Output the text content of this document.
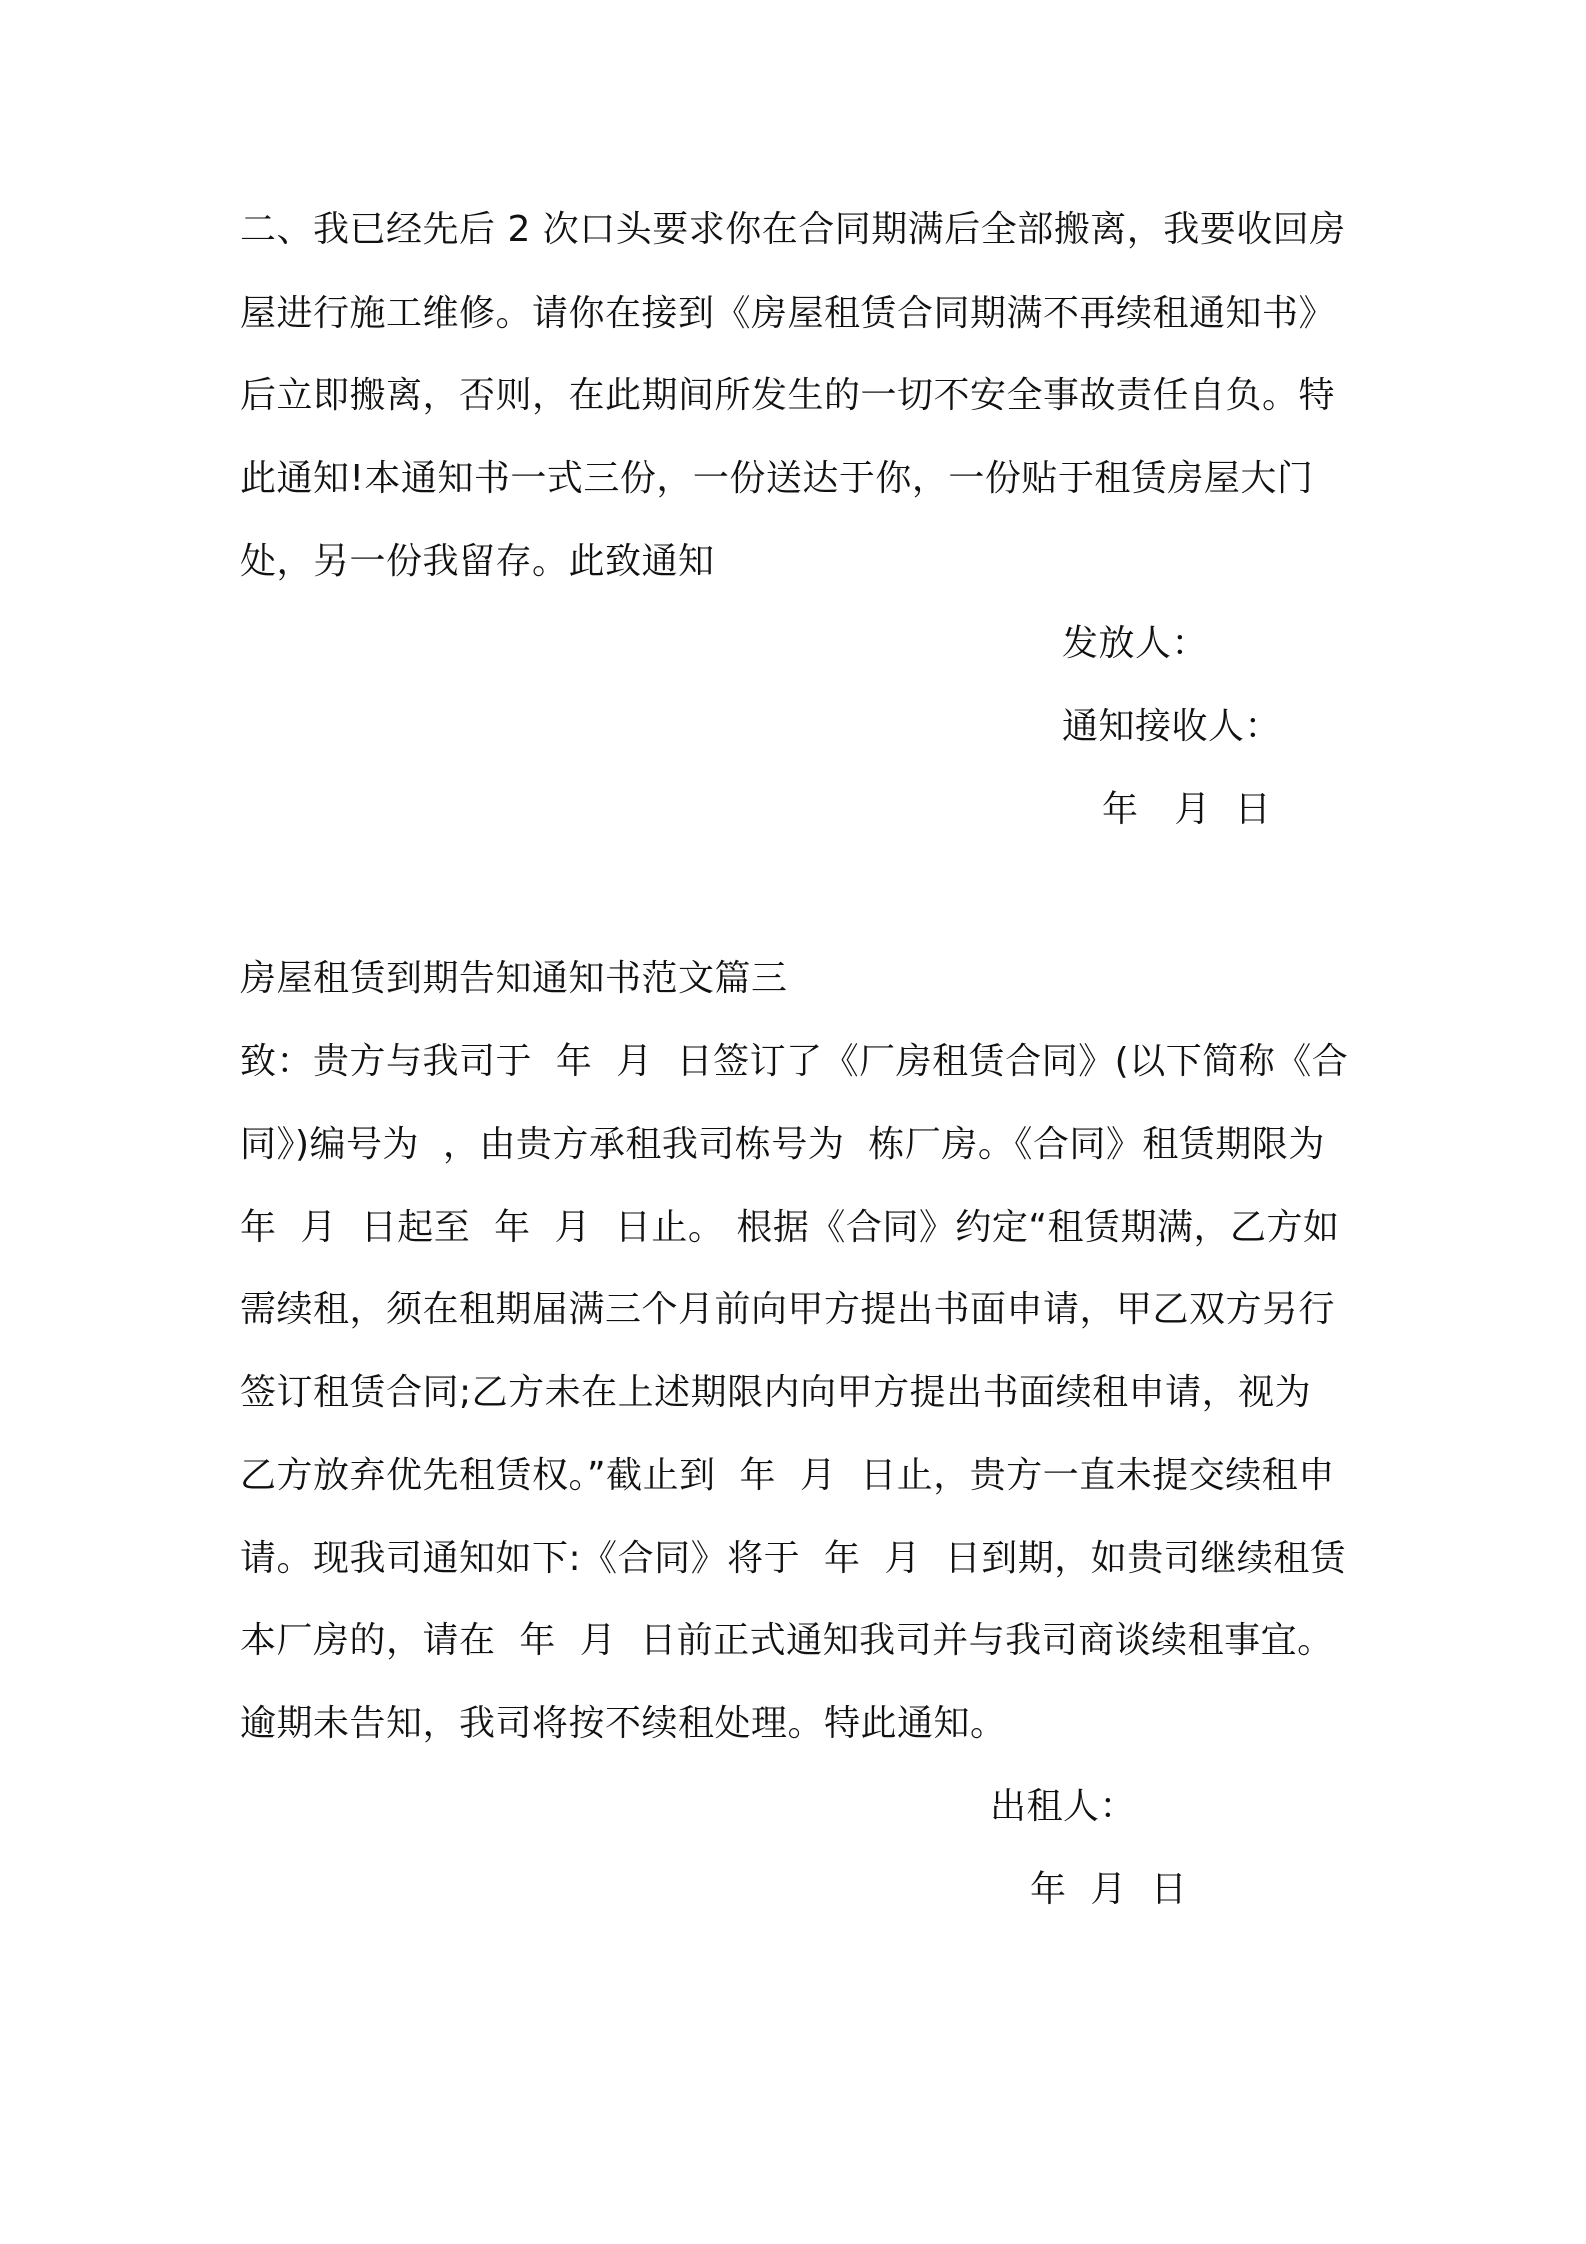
二、我已经先后 2 次口头要求你在合同期满后全部搬离，我要收回房
屋进行施工维修。请你在接到《房屋租赁合同期满不再续租通知书》
后立即搬离，否则，在此期间所发生的一切不安全事故责任自负。特
此通知!本通知书一式三份，一份送达于你，一份贴于租赁房屋大门
处，另一份我留存。此致通知
发放人：
通知接收人：
年   月  日
房屋租赁到期告知通知书范文篇三
致：贵方与我司于  年  月  日签订了《厂房租赁合同》(以下简称《合
同》)编号为  ，由贵方承租我司栋号为  栋厂房。《合同》租赁期限为
年  月  日起至  年  月  日止。 根据《合同》约定“租赁期满，乙方如
需续租，须在租期届满三个月前向甲方提出书面申请，甲乙双方另行
签订租赁合同;乙方未在上述期限内向甲方提出书面续租申请，视为
乙方放弃优先租赁权。”截止到  年  月  日止，贵方一直未提交续租申
请。现我司通知如下:《合同》将于  年  月  日到期，如贵司继续租赁
本厂房的，请在  年  月  日前正式通知我司并与我司商谈续租事宜。
逾期未告知，我司将按不续租处理。特此通知。
出租人：
年  月  日
